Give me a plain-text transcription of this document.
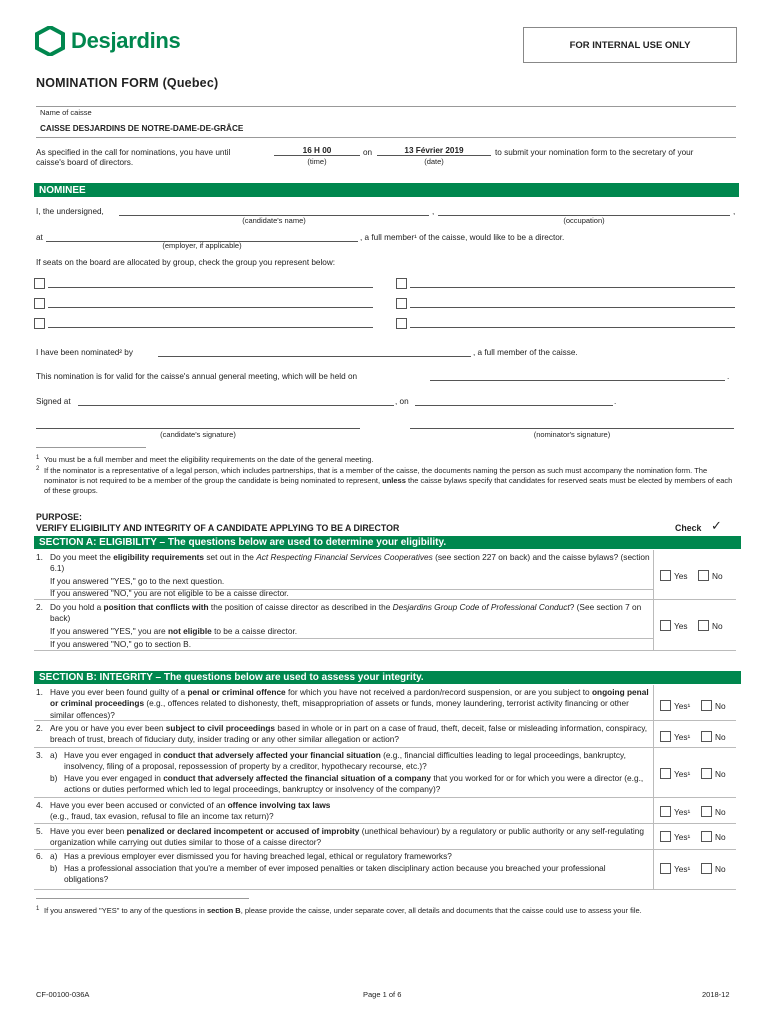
Desjardins	FOR INTERNAL USE ONLY
NOMINATION FORM (Quebec)
Name of caisse
CAISSE DESJARDINS DE NOTRE-DAME-DE-GRÂCE
As specified in the call for nominations, you have until
caisse's board of directors.
16 H 00
(time)
on	13 Février 2019
(date)
to submit your nomination form to the secretary of your
NOMINEE
I, the undersigned,	,	,
(candidate's name)	(occupation)
at	, a full member¹ of the caisse, would like to be a director.
(employer, if applicable)
If seats on the board are allocated by group, check the group you represent below:
I have been nominated² by	, a full member of the caisse.
This nomination is for valid for the caisse's annual general meeting, which will be held on	.
Signed at	, on	.
(candidate's signature)	(nominator's signature)
1 You must be a full member and meet the eligibility requirements on the date of the general meeting.
2 If the nominator is a representative of a legal person, which includes partnerships, that is a member of the caisse, the documents naming the person as such must accompany the nomination form. The nominator is not required to be a member of the group the candidate is being nominated to represent, unless the caisse bylaws specify that candidates for reserved seats must be elected by members of each of these groups.
PURPOSE:
VERIFY ELIGIBILITY AND INTEGRITY OF A CANDIDATE APPLYING TO BE A DIRECTOR	Check ✓
SECTION A: ELIGIBILITY – The questions below are used to determine your eligibility.
1. Do you meet the eligibility requirements set out in the Act Respecting Financial Services Cooperatives (see section 227 on back) and the caisse bylaws? (section 6.1)
If you answered "YES," go to the next question.
If you answered "NO," you are not eligible to be a caisse director.
Yes	No
2. Do you hold a position that conflicts with the position of caisse director as described in the Desjardins Group Code of Professional Conduct? (See section 7 on back)
If you answered "YES," you are not eligible to be a caisse director.
If you answered "NO," go to section B.
Yes	No
SECTION B: INTEGRITY – The questions below are used to assess your integrity.
1. Have you ever been found guilty of a penal or criminal offence for which you have not received a pardon/record suspension, or are you subject to ongoing penal or criminal proceedings (e.g., offences related to dishonesty, theft, misappropriation of assets or funds, money laundering, terrorist activity financing or other similar offences)?
Yes¹	No
2. Are you or have you ever been subject to civil proceedings based in whole or in part on a case of fraud, theft, deceit, false or misleading information, conspiracy, breach of trust, breach of fiduciary duty, insider trading or any other similar allegation or action?	Yes¹	No
3. a) Have you ever engaged in conduct that adversely affected your financial situation (e.g., financial difficulties leading to legal proceedings, bankruptcy, insolvency, filing of a proposal, repossession of property by a creditor, hypothecary recourse, etc.)?
b) Have you ever engaged in conduct that adversely affected the financial situation of a company that you worked for or for which you were a director (e.g., actions or duties performed which led to legal proceedings, bankruptcy or insolvency of the company)?
Yes¹	No
4. Have you ever been accused or convicted of an offence involving tax laws
(e.g., fraud, tax evasion, refusal to file an income tax return)?	Yes¹	No
5. Have you ever been penalized or declared incompetent or accused of improbity (unethical behaviour) by a regulatory or public authority or any self-regulating organization while carrying out duties similar to those of a caisse director?
Yes¹	No
6. a) Has a previous employer ever dismissed you for having breached legal, ethical or regulatory frameworks?
b) Has a professional association that you're a member of ever imposed penalties or taken disciplinary action because you breached your professional obligations?
Yes¹	No
1 If you answered "YES" to any of the questions in section B, please provide the caisse, under separate cover, all details and documents that the caisse could use to assess your file.
CF-00100-036A	Page 1 of 6	2018-12
